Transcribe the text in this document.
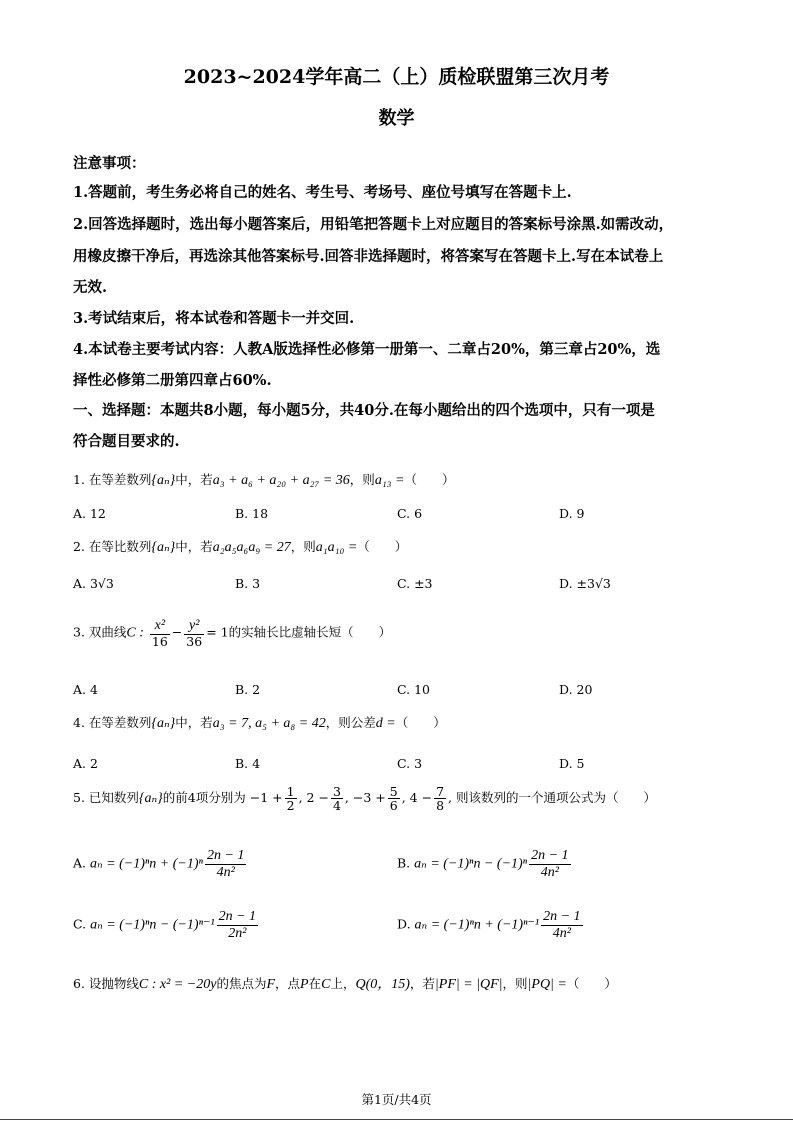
2023~2024学年高二（上）质检联盟第三次月考
数学
注意事项：
1.答题前，考生务必将自己的姓名、考生号、考场号、座位号填写在答题卡上.
2.回答选择题时，选出每小题答案后，用铅笔把答题卡上对应题目的答案标号涂黑.如需改动，
用橡皮擦干净后，再选涂其他答案标号.回答非选择题时，将答案写在答题卡上.写在本试卷上
无效.
3.考试结束后，将本试卷和答题卡一并交回.
4.本试卷主要考试内容：人教A版选择性必修第一册第一、二章占20%，第三章占20%，选
择性必修第二册第四章占60%.
一、选择题：本题共8小题，每小题5分，共40分.在每小题给出的四个选项中，只有一项是
符合题目要求的.
1. 在等差数列{aₙ}中，若a₃ + a₆ + a₂₀ + a₂₇ = 36，则a₁₃ =（　　）
A. 12	B. 18	C. 6	D. 9
2. 在等比数列{aₙ}中，若a₂a₅a₆a₉ = 27，则a₁a₁₀ =（　　）
A. 3√3	B. 3	C. ±3	D. ±3√3
3. 双曲线C : $\frac{\text{x²}}{16} - \frac{\text{y²}}{36} = 1$的实轴长比虚轴长短（　　）
A. 4	B. 2	C. 10	D. 20
4. 在等差数列{aₙ}中，若a₃ = 7, a₅ + a₈ = 42，则公差d =（　　）
A. 2	B. 4	C. 3	D. 5
5. 已知数列{aₙ}的前4项分别为 $-1 + \frac{1}{2}$ , $2 - \frac{3}{4}$ , $-3 + \frac{5}{6}$ , $4 - \frac{7}{8}$ , 则该数列的一个通项公式为（　　）
A. $a_n = (-1)^nn + (-1)^n \frac{2n - 1}{\text{4n²}}$	B. $a_n = (-1)^nn - (-1)^n \frac{2n - 1}{\text{4n²}}$
C. $a_n = (-1)^nn - (-1)^{n-1} \frac{2n - 1}{\text{2n²}}$	D. $a_n = (-1)^nn + (-1)^{n-1} \frac{2n - 1}{\text{4n²}}$
6. 设抛物线C : x² = −20y的焦点为F，点P在C上，Q(0，15)，若|PF| = |QF|，则|PQ| =（　　）
第1页/共4页
